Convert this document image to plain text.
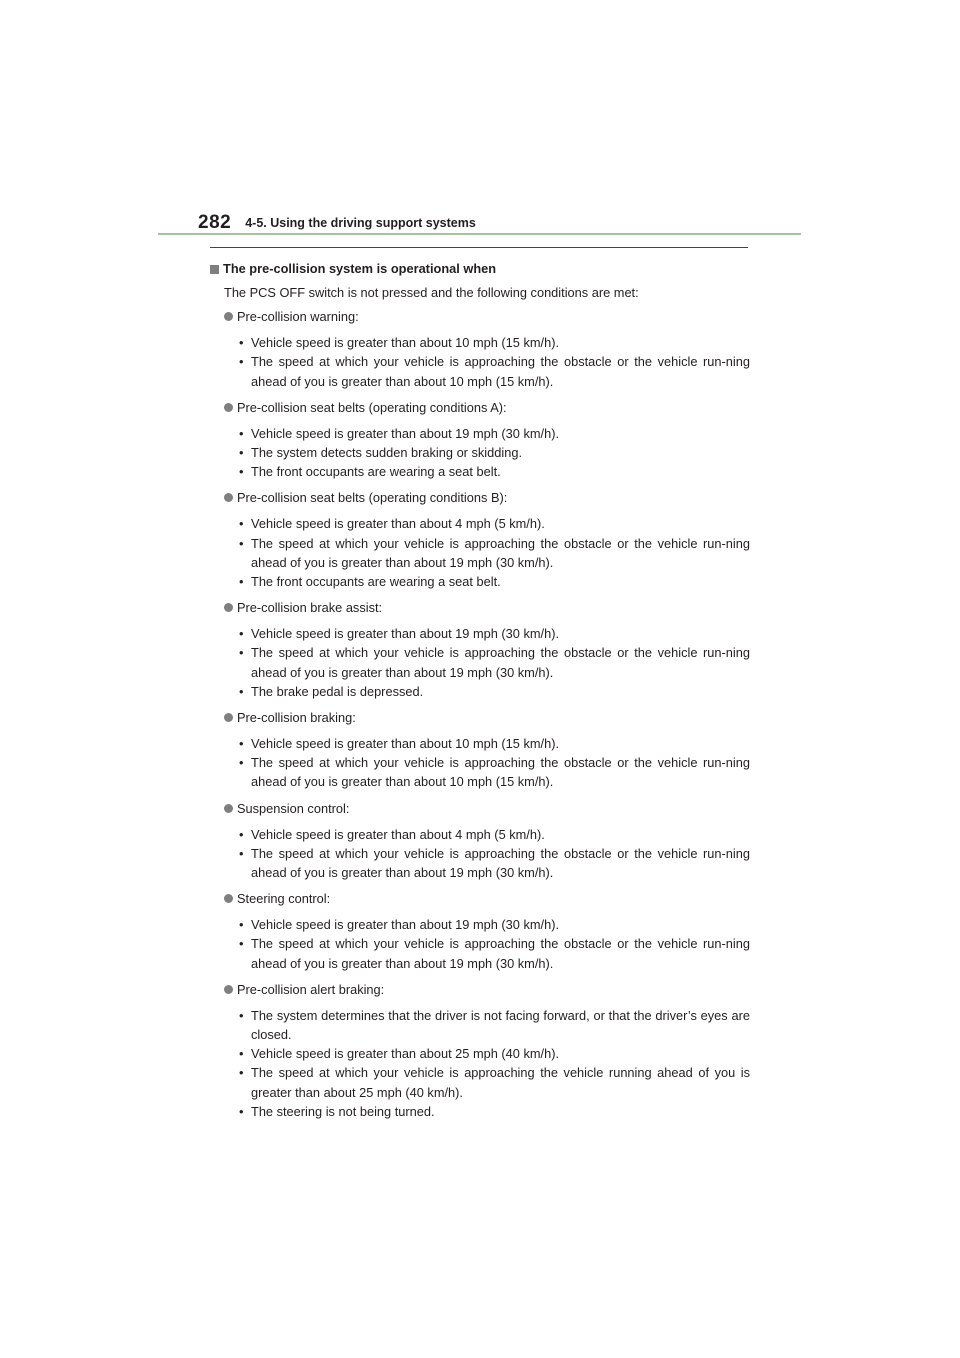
282 4-5. Using the driving support systems
The pre-collision system is operational when
The PCS OFF switch is not pressed and the following conditions are met:
Pre-collision warning:
• Vehicle speed is greater than about 10 mph (15 km/h).
• The speed at which your vehicle is approaching the obstacle or the vehicle run-ning ahead of you is greater than about 10 mph (15 km/h).
Pre-collision seat belts (operating conditions A):
• Vehicle speed is greater than about 19 mph (30 km/h).
• The system detects sudden braking or skidding.
• The front occupants are wearing a seat belt.
Pre-collision seat belts (operating conditions B):
• Vehicle speed is greater than about 4 mph (5 km/h).
• The speed at which your vehicle is approaching the obstacle or the vehicle run-ning ahead of you is greater than about 19 mph (30 km/h).
• The front occupants are wearing a seat belt.
Pre-collision brake assist:
• Vehicle speed is greater than about 19 mph (30 km/h).
• The speed at which your vehicle is approaching the obstacle or the vehicle run-ning ahead of you is greater than about 19 mph (30 km/h).
• The brake pedal is depressed.
Pre-collision braking:
• Vehicle speed is greater than about 10 mph (15 km/h).
• The speed at which your vehicle is approaching the obstacle or the vehicle run-ning ahead of you is greater than about 10 mph (15 km/h).
Suspension control:
• Vehicle speed is greater than about 4 mph (5 km/h).
• The speed at which your vehicle is approaching the obstacle or the vehicle run-ning ahead of you is greater than about 19 mph (30 km/h).
Steering control:
• Vehicle speed is greater than about 19 mph (30 km/h).
• The speed at which your vehicle is approaching the obstacle or the vehicle run-ning ahead of you is greater than about 19 mph (30 km/h).
Pre-collision alert braking:
• The system determines that the driver is not facing forward, or that the driver’s eyes are closed.
• Vehicle speed is greater than about 25 mph (40 km/h).
• The speed at which your vehicle is approaching the vehicle running ahead of you is greater than about 25 mph (40 km/h).
• The steering is not being turned.
